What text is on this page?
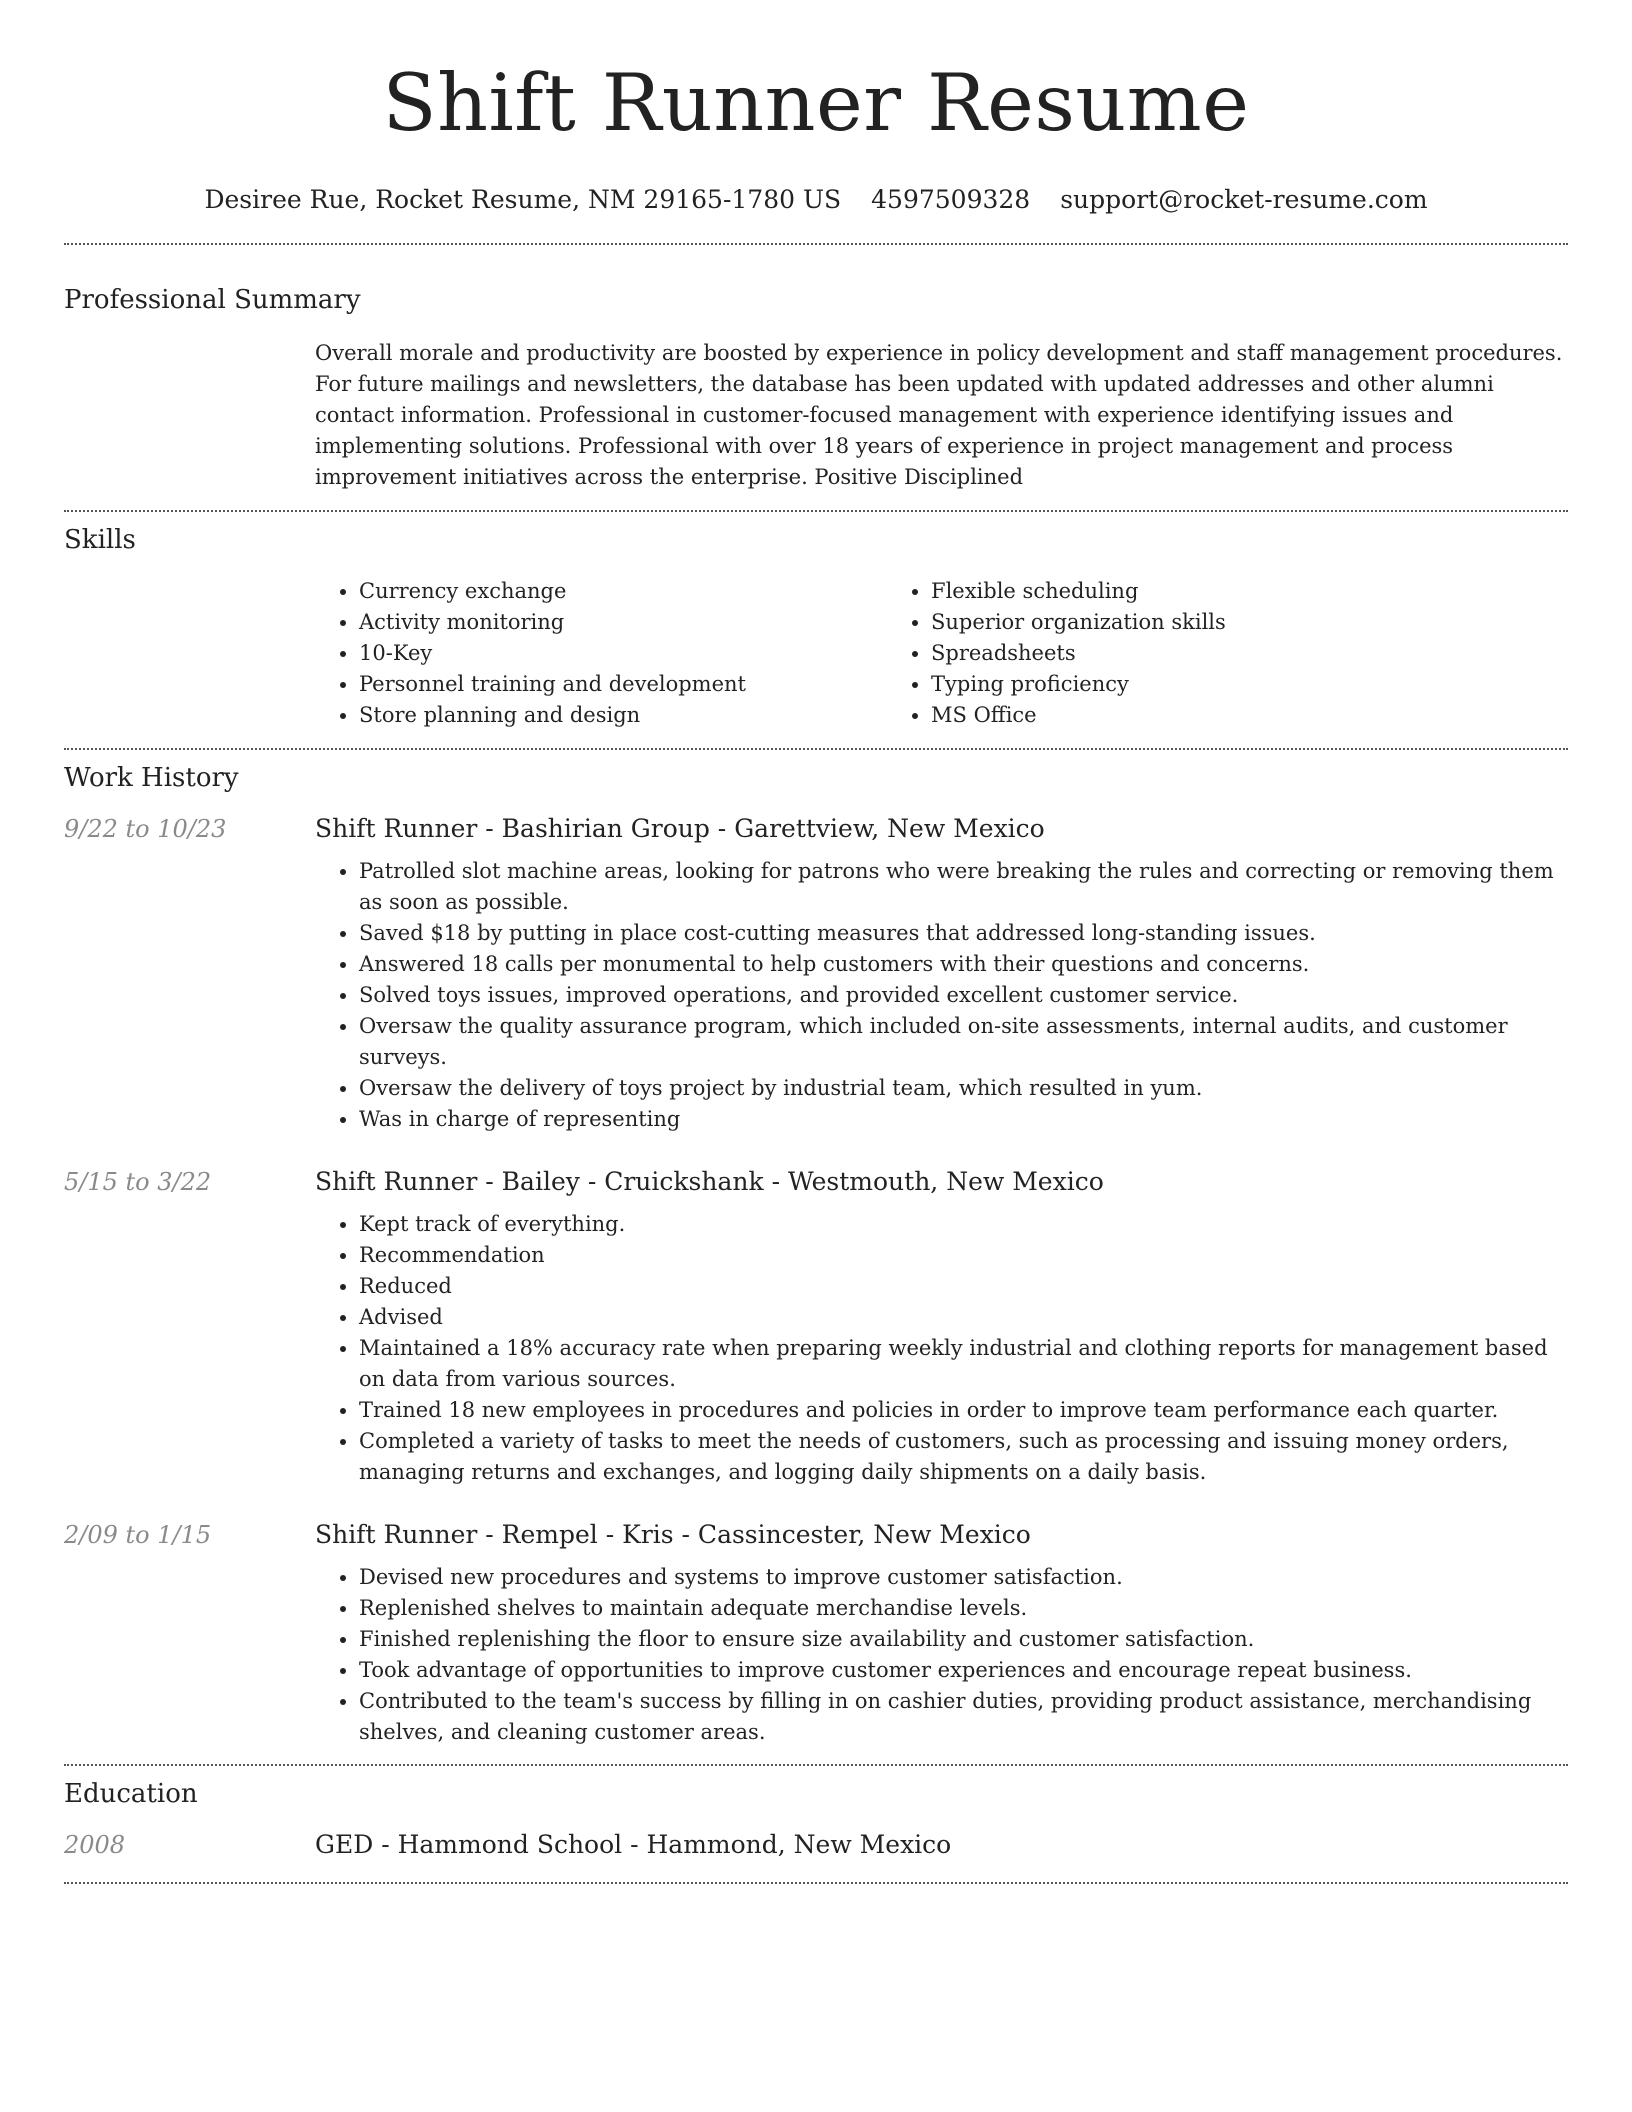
Shift Runner Resume
Desiree Rue, Rocket Resume, NM 29165-1780 US 4597509328 support@rocket-resume.com
Professional Summary

Overall morale and productivity are boosted by experience in policy development and staff management procedures. For future mailings and newsletters, the database has been updated with updated addresses and other alumni contact information. Professional in customer-focused management with experience identifying issues and implementing solutions. Professional with over 18 years of experience in project management and process improvement initiatives across the enterprise. Positive Disciplined

Skills
• Currency exchange
• Activity monitoring
• 10-Key
• Personnel training and development
• Store planning and design
• Flexible scheduling
• Superior organization skills
• Spreadsheets
• Typing proficiency
• MS Office
Work History
9/22 to 10/23	Shift Runner - Bashirian Group - Garettview, New Mexico
• Patrolled slot machine areas, looking for patrons who were breaking the rules and correcting or removing them as soon as possible.
• Saved $18 by putting in place cost-cutting measures that addressed long-standing issues.
• Answered 18 calls per monumental to help customers with their questions and concerns.
• Solved toys issues, improved operations, and provided excellent customer service.
• Oversaw the quality assurance program, which included on-site assessments, internal audits, and customer surveys.
• Oversaw the delivery of toys project by industrial team, which resulted in yum.
• Was in charge of representing
5/15 to 3/22	Shift Runner - Bailey - Cruickshank - Westmouth, New Mexico
• Kept track of everything.
• Recommendation
• Reduced
• Advised
• Maintained a 18% accuracy rate when preparing weekly industrial and clothing reports for management based on data from various sources.
• Trained 18 new employees in procedures and policies in order to improve team performance each quarter.
• Completed a variety of tasks to meet the needs of customers, such as processing and issuing money orders, managing returns and exchanges, and logging daily shipments on a daily basis.
2/09 to 1/15	Shift Runner - Rempel - Kris - Cassincester, New Mexico
• Devised new procedures and systems to improve customer satisfaction.
• Replenished shelves to maintain adequate merchandise levels.
• Finished replenishing the floor to ensure size availability and customer satisfaction.
• Took advantage of opportunities to improve customer experiences and encourage repeat business.
• Contributed to the team's success by filling in on cashier duties, providing product assistance, merchandising shelves, and cleaning customer areas.
Education
2008	GED - Hammond School - Hammond, New Mexico
